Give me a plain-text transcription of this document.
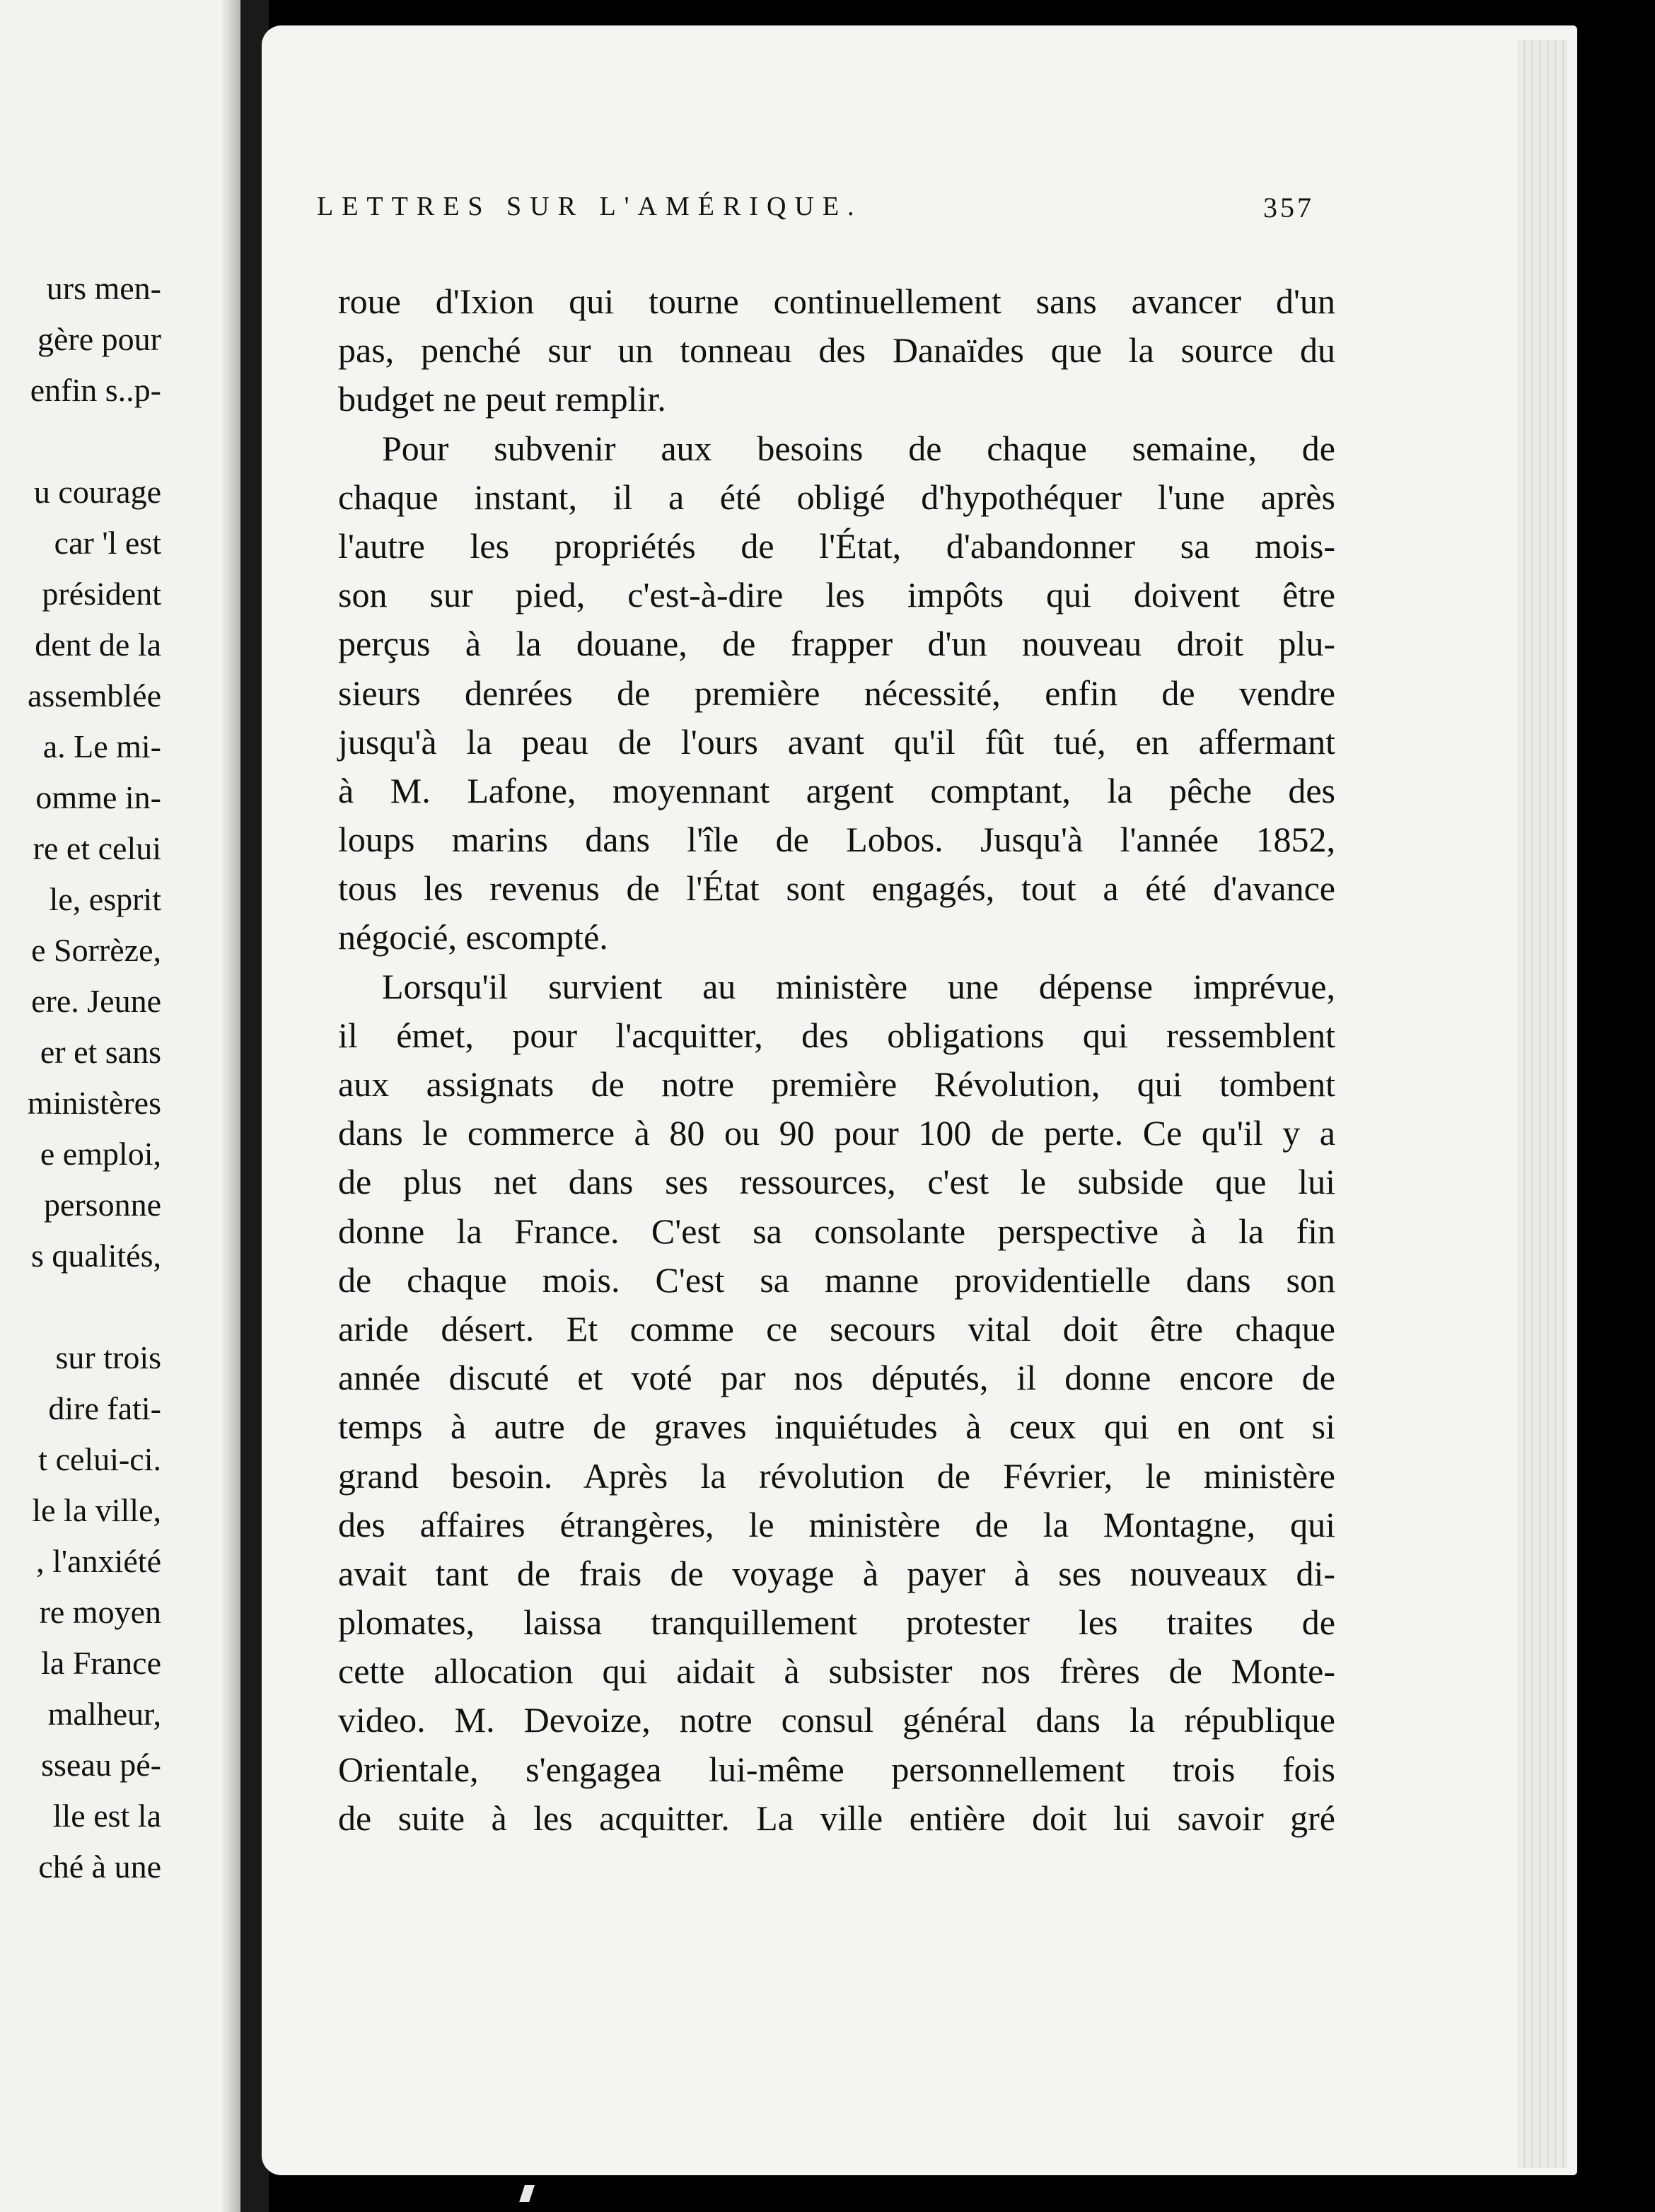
urs men-
gère pour
enfin s..p-
u courage
car 'l est
président
dent de la
assemblée
a. Le mi-
omme in-
re et celui
le, esprit
e Sorrèze,
ere. Jeune
er et sans
ministères
e emploi,
personne
s qualités,
sur trois
dire fati-
t celui-ci.
le la ville,
, l'anxiété
re moyen
la France
malheur,
sseau pé-
lle est la
ché à une
LETTRES SUR L'AMÉRIQUE.	357
roue d'Ixion qui tourne continuellement sans avancer d'un
pas, penché sur un tonneau des Danaïdes que la source du
budget ne peut remplir.
Pour subvenir aux besoins de chaque semaine, de
chaque instant, il a été obligé d'hypothéquer l'une après
l'autre les propriétés de l'État, d'abandonner sa mois-
son sur pied, c'est-à-dire les impôts qui doivent être
perçus à la douane, de frapper d'un nouveau droit plu-
sieurs denrées de première nécessité, enfin de vendre
jusqu'à la peau de l'ours avant qu'il fût tué, en affermant
à M. Lafone, moyennant argent comptant, la pêche des
loups marins dans l'île de Lobos. Jusqu'à l'année 1852,
tous les revenus de l'État sont engagés, tout a été d'avance
négocié, escompté.
Lorsqu'il survient au ministère une dépense imprévue,
il émet, pour l'acquitter, des obligations qui ressemblent
aux assignats de notre première Révolution, qui tombent
dans le commerce à 80 ou 90 pour 100 de perte. Ce qu'il y a
de plus net dans ses ressources, c'est le subside que lui
donne la France. C'est sa consolante perspective à la fin
de chaque mois. C'est sa manne providentielle dans son
aride désert. Et comme ce secours vital doit être chaque
année discuté et voté par nos députés, il donne encore de
temps à autre de graves inquiétudes à ceux qui en ont si
grand besoin. Après la révolution de Février, le ministère
des affaires étrangères, le ministère de la Montagne, qui
avait tant de frais de voyage à payer à ses nouveaux di-
plomates, laissa tranquillement protester les traites de
cette allocation qui aidait à subsister nos frères de Monte-
video. M. Devoize, notre consul général dans la république
Orientale, s'engagea lui-même personnellement trois fois
de suite à les acquitter. La ville entière doit lui savoir gré
